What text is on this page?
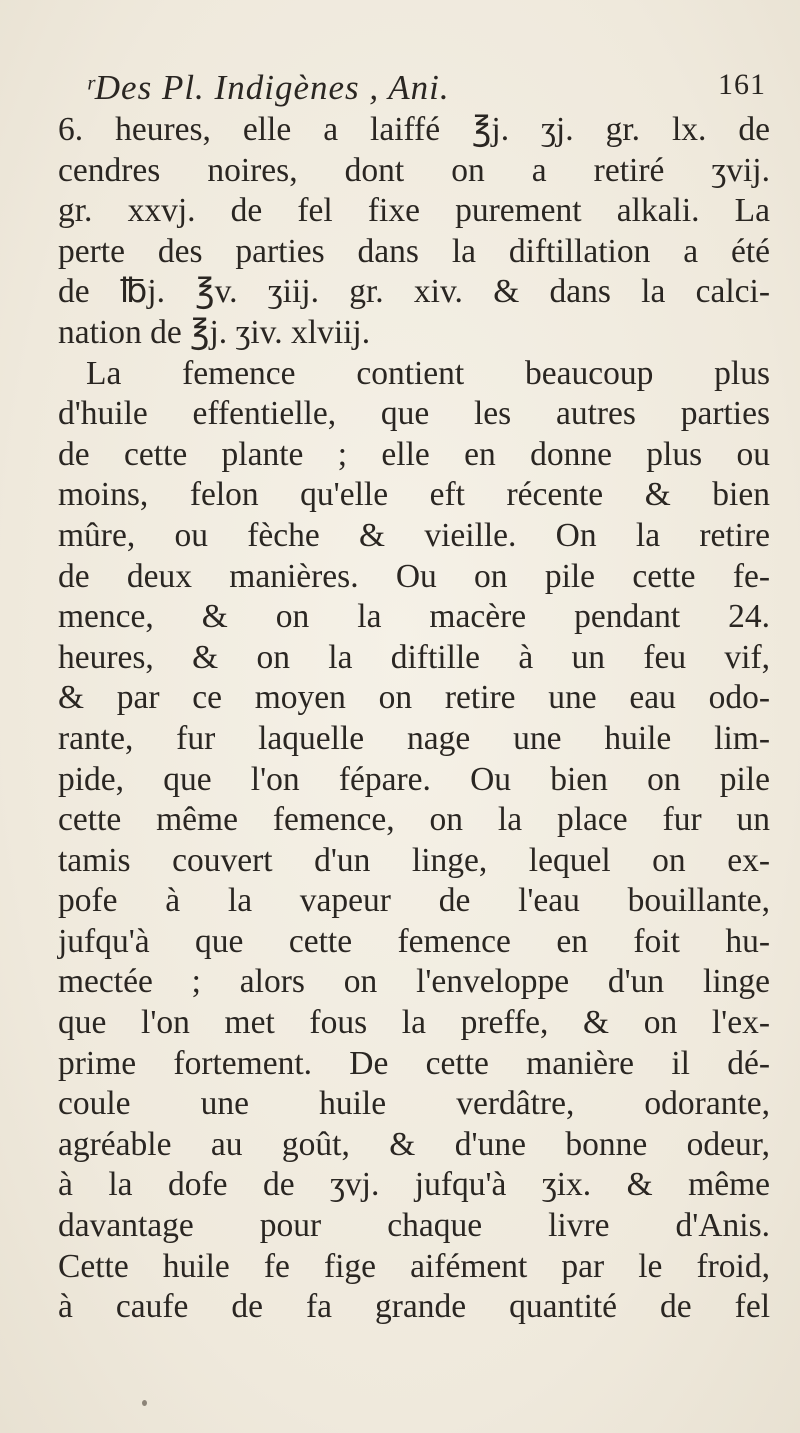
ʳDes Pl. Indigènes , Ani.	161
6. heures, elle a laiffé ℥j. ʒj. gr. lx. de
cendres noires, dont on a retiré ʒvij.
gr. xxvj. de fel fixe purement alkali. La
perte des parties dans la diftillation a été
de ℔j. ℥v. ʒiij. gr. xiv. & dans la calci-
nation de ℥j. ʒiv. xlviij.
La femence contient beaucoup plus
d'huile effentielle, que les autres parties
de cette plante ; elle en donne plus ou
moins, felon qu'elle eft récente & bien
mûre, ou fèche & vieille. On la retire
de deux manières. Ou on pile cette fe-
mence, & on la macère pendant 24.
heures, & on la diftille à un feu vif,
& par ce moyen on retire une eau odo-
rante, fur laquelle nage une huile lim-
pide, que l'on fépare. Ou bien on pile
cette même femence, on la place fur un
tamis couvert d'un linge, lequel on ex-
pofe à la vapeur de l'eau bouillante,
jufqu'à que cette femence en foit hu-
mectée ; alors on l'enveloppe d'un linge
que l'on met fous la preffe, & on l'ex-
prime fortement. De cette manière il dé-
coule une huile verdâtre, odorante,
agréable au goût, & d'une bonne odeur,
à la dofe de ʒvj. jufqu'à ʒix. & même
davantage pour chaque livre d'Anis.
Cette huile fe fige aifément par le froid,
à caufe de fa grande quantité de fel
